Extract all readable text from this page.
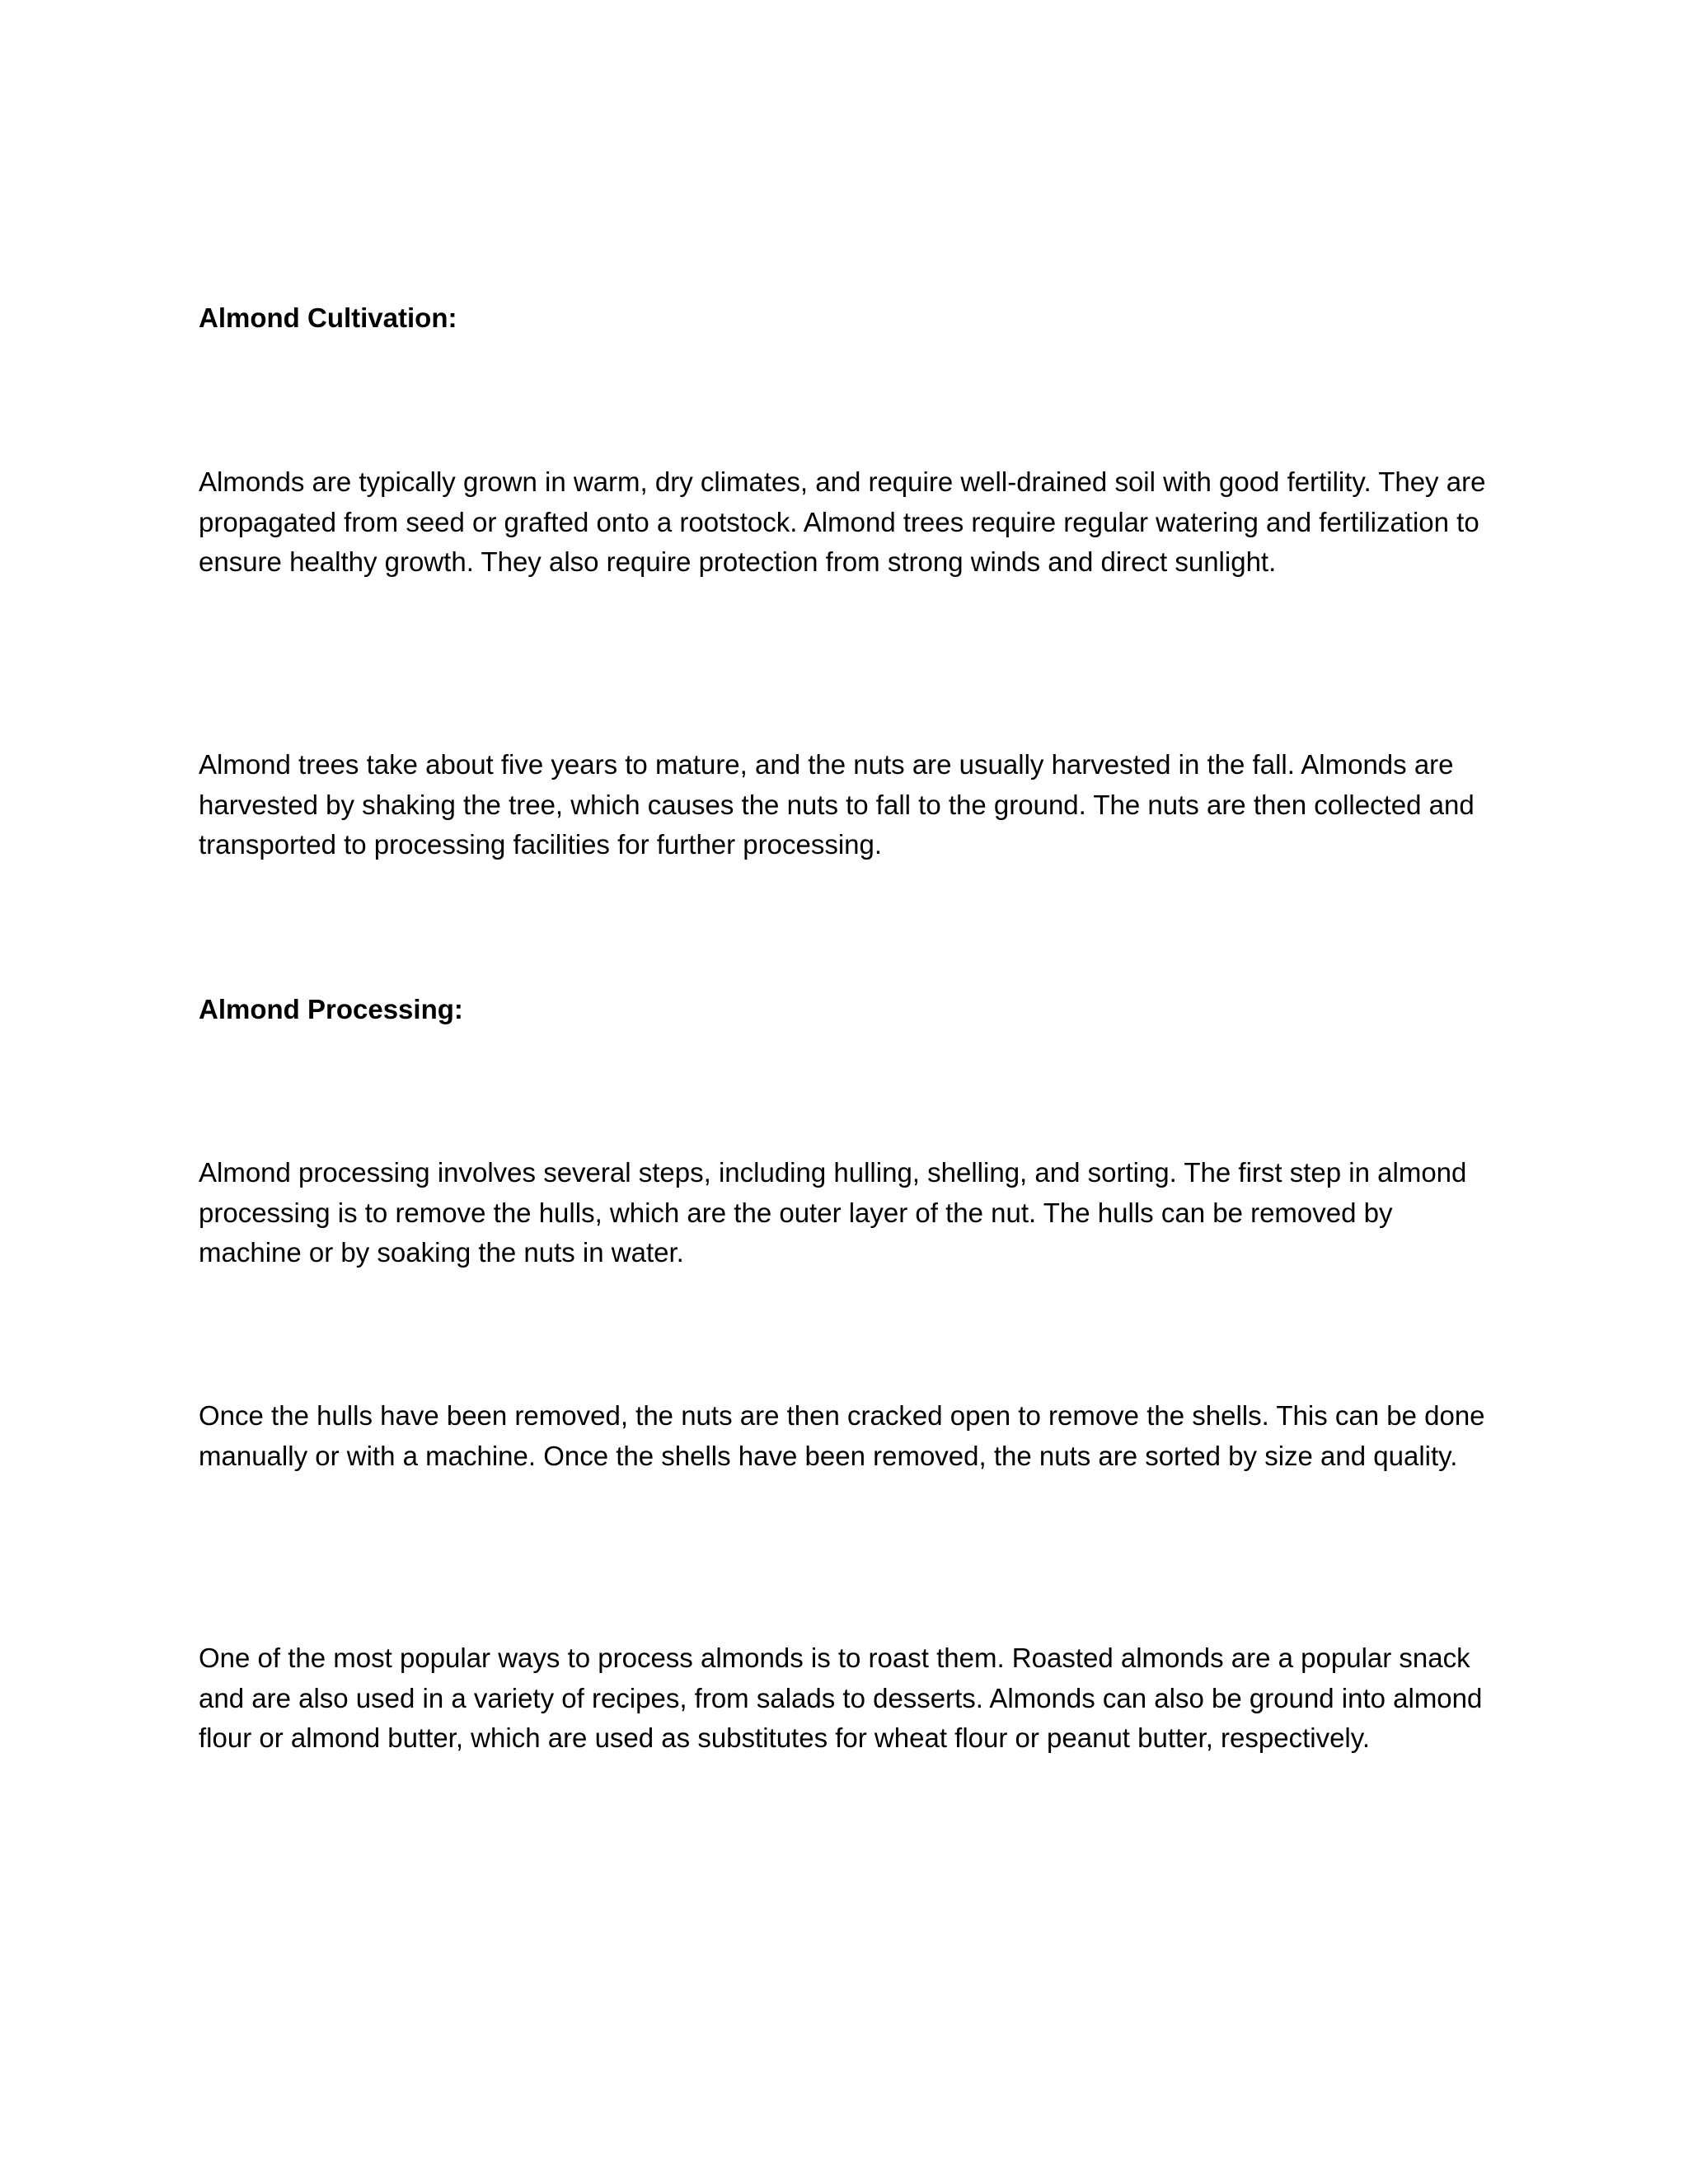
Almond Cultivation:

Almonds are typically grown in warm, dry climates, and require well-drained soil with good fertility. They are propagated from seed or grafted onto a rootstock. Almond trees require regular watering and fertilization to ensure healthy growth. They also require protection from strong winds and direct sunlight.

Almond trees take about five years to mature, and the nuts are usually harvested in the fall. Almonds are harvested by shaking the tree, which causes the nuts to fall to the ground. The nuts are then collected and transported to processing facilities for further processing.

Almond Processing:

Almond processing involves several steps, including hulling, shelling, and sorting. The first step in almond processing is to remove the hulls, which are the outer layer of the nut. The hulls can be removed by machine or by soaking the nuts in water.

Once the hulls have been removed, the nuts are then cracked open to remove the shells. This can be done manually or with a machine. Once the shells have been removed, the nuts are sorted by size and quality.

One of the most popular ways to process almonds is to roast them. Roasted almonds are a popular snack and are also used in a variety of recipes, from salads to desserts. Almonds can also be ground into almond flour or almond butter, which are used as substitutes for wheat flour or peanut butter, respectively.
